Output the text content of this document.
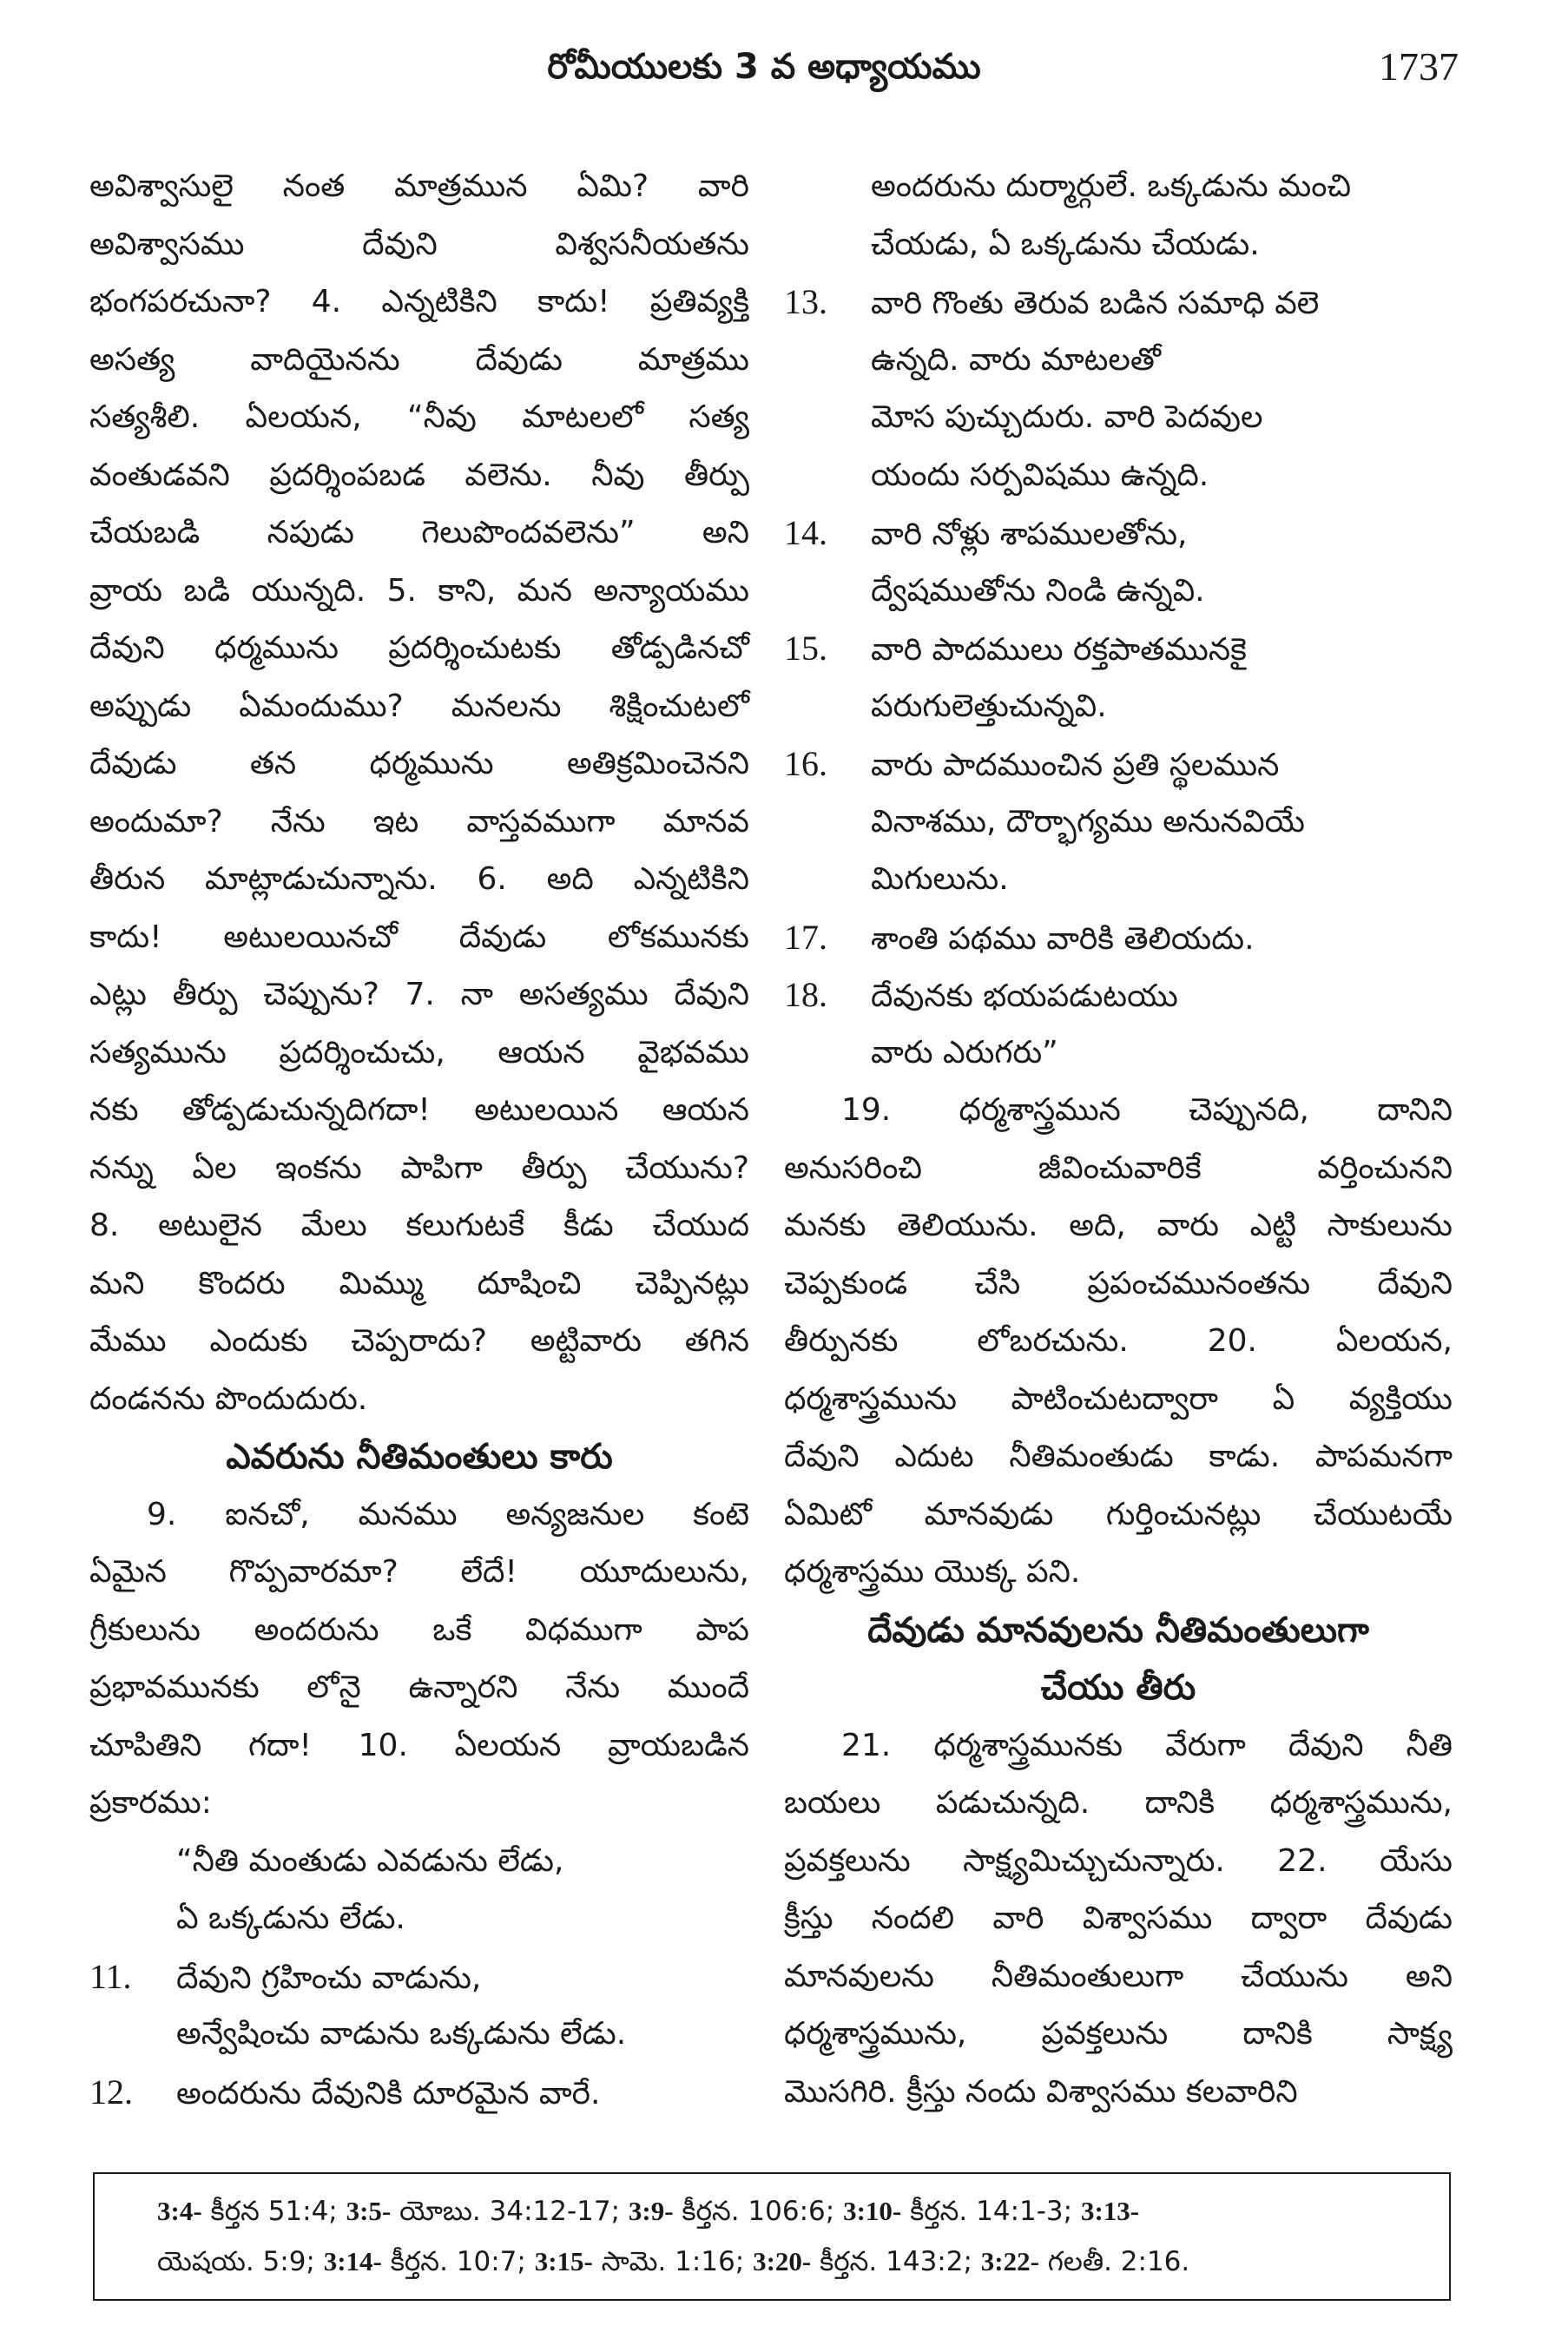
రోమీయులకు 3 వ అధ్యాయము	1737
అవిశ్వాసులై నంత మాత్రమున ఏమి? వారి
అవిశ్వాసము దేవుని విశ్వసనీయతను
భంగపరచునా? 4. ఎన్నటికిని కాదు! ప్రతివ్యక్తి
అసత్య వాదియైనను దేవుడు మాత్రము
సత్యశీలి. ఏలయన, “నీవు మాటలలో సత్య
వంతుడవని ప్రదర్శింపబడ వలెను. నీవు తీర్పు
చేయబడి నపుడు గెలుపొందవలెను” అని
వ్రాయ బడి యున్నది. 5. కాని, మన అన్యాయము
దేవుని ధర్మమును ప్రదర్శించుటకు తోడ్పడినచో
అప్పుడు ఏమందుము? మనలను శిక్షించుటలో
దేవుడు తన ధర్మమును అతిక్రమించెనని
అందుమా? నేను ఇట వాస్తవముగా మానవ
తీరున మాట్లాడుచున్నాను. 6. అది ఎన్నటికిని
కాదు! అటులయినచో దేవుడు లోకమునకు
ఎట్లు తీర్పు చెప్పును? 7. నా అసత్యము దేవుని
సత్యమును ప్రదర్శించుచు, ఆయన వైభవము
నకు తోడ్పడుచున్నదిగదా! అటులయిన ఆయన
నన్ను ఏల ఇంకను పాపిగా తీర్పు చేయును?
8. అటులైన మేలు కలుగుటకే కీడు చేయుద
మని కొందరు మిమ్ము దూషించి చెప్పినట్లు
మేము ఎందుకు చెప్పరాదు? అట్టివారు తగిన
దండనను పొందుదురు.
ఎవరును నీతిమంతులు కారు
9. ఐనచో, మనము అన్యజనుల కంటె
ఏమైన గొప్పవారమా? లేదే! యూదులును,
గ్రీకులును అందరును ఒకే విధముగా పాప
ప్రభావమునకు లోనై ఉన్నారని నేను ముందే
చూపితిని గదా! 10. ఏలయన వ్రాయబడిన
ప్రకారము:
“నీతి మంతుడు ఎవడును లేడు,
ఏ ఒక్కడును లేడు.
11. దేవుని గ్రహించు వాడును,
అన్వేషించు వాడును ఒక్కడును లేడు.
12. అందరును దేవునికి దూరమైన వారే.
అందరును దుర్మార్గులే. ఒక్కడును మంచి
చేయడు, ఏ ఒక్కడును చేయడు.
13. వారి గొంతు తెరువ బడిన సమాధి వలె
ఉన్నది. వారు మాటలతో
మోస పుచ్చుదురు. వారి పెదవుల
యందు సర్పవిషము ఉన్నది.
14. వారి నోళ్లు శాపములతోను,
ద్వేషముతోను నిండి ఉన్నవి.
15. వారి పాదములు రక్తపాతమునకై
పరుగులెత్తుచున్నవి.
16. వారు పాదముంచిన ప్రతి స్థలమున
వినాశము, దౌర్భాగ్యము అనునవియే
మిగులును.
17. శాంతి పథము వారికి తెలియదు.
18. దేవునకు భయపడుటయు
వారు ఎరుగరు”
19. ధర్మశాస్త్రమున చెప్పునది, దానిని
అనుసరించి జీవించువారికే వర్తించునని
మనకు తెలియును. అది, వారు ఎట్టి సాకులును
చెప్పకుండ చేసి ప్రపంచమునంతను దేవుని
తీర్పునకు లోబరచును. 20. ఏలయన,
ధర్మశాస్త్రమును పాటించుటద్వారా ఏ వ్యక్తియు
దేవుని ఎదుట నీతిమంతుడు కాడు. పాపమనగా
ఏమిటో మానవుడు గుర్తించునట్లు చేయుటయే
ధర్మశాస్త్రము యొక్క పని.
దేవుడు మానవులను నీతిమంతులుగా
చేయు తీరు
21. ధర్మశాస్త్రమునకు వేరుగా దేవుని నీతి
బయలు పడుచున్నది. దానికి ధర్మశాస్త్రమును,
ప్రవక్తలును సాక్ష్యమిచ్చుచున్నారు. 22. యేసు
క్రీస్తు నందలి వారి విశ్వాసము ద్వారా దేవుడు
మానవులను నీతిమంతులుగా చేయును అని
ధర్మశాస్త్రమును, ప్రవక్తలును దానికి సాక్ష్య
మొసగిరి. క్రీస్తు నందు విశ్వాసము కలవారిని
3:4- కీర్తన 51:4; 3:5- యోబు. 34:12-17; 3:9- కీర్తన. 106:6; 3:10- కీర్తన. 14:1-3; 3:13-
యెషయ. 5:9; 3:14- కీర్తన. 10:7; 3:15- సామె. 1:16; 3:20- కీర్తన. 143:2; 3:22- గలతీ. 2:16.
